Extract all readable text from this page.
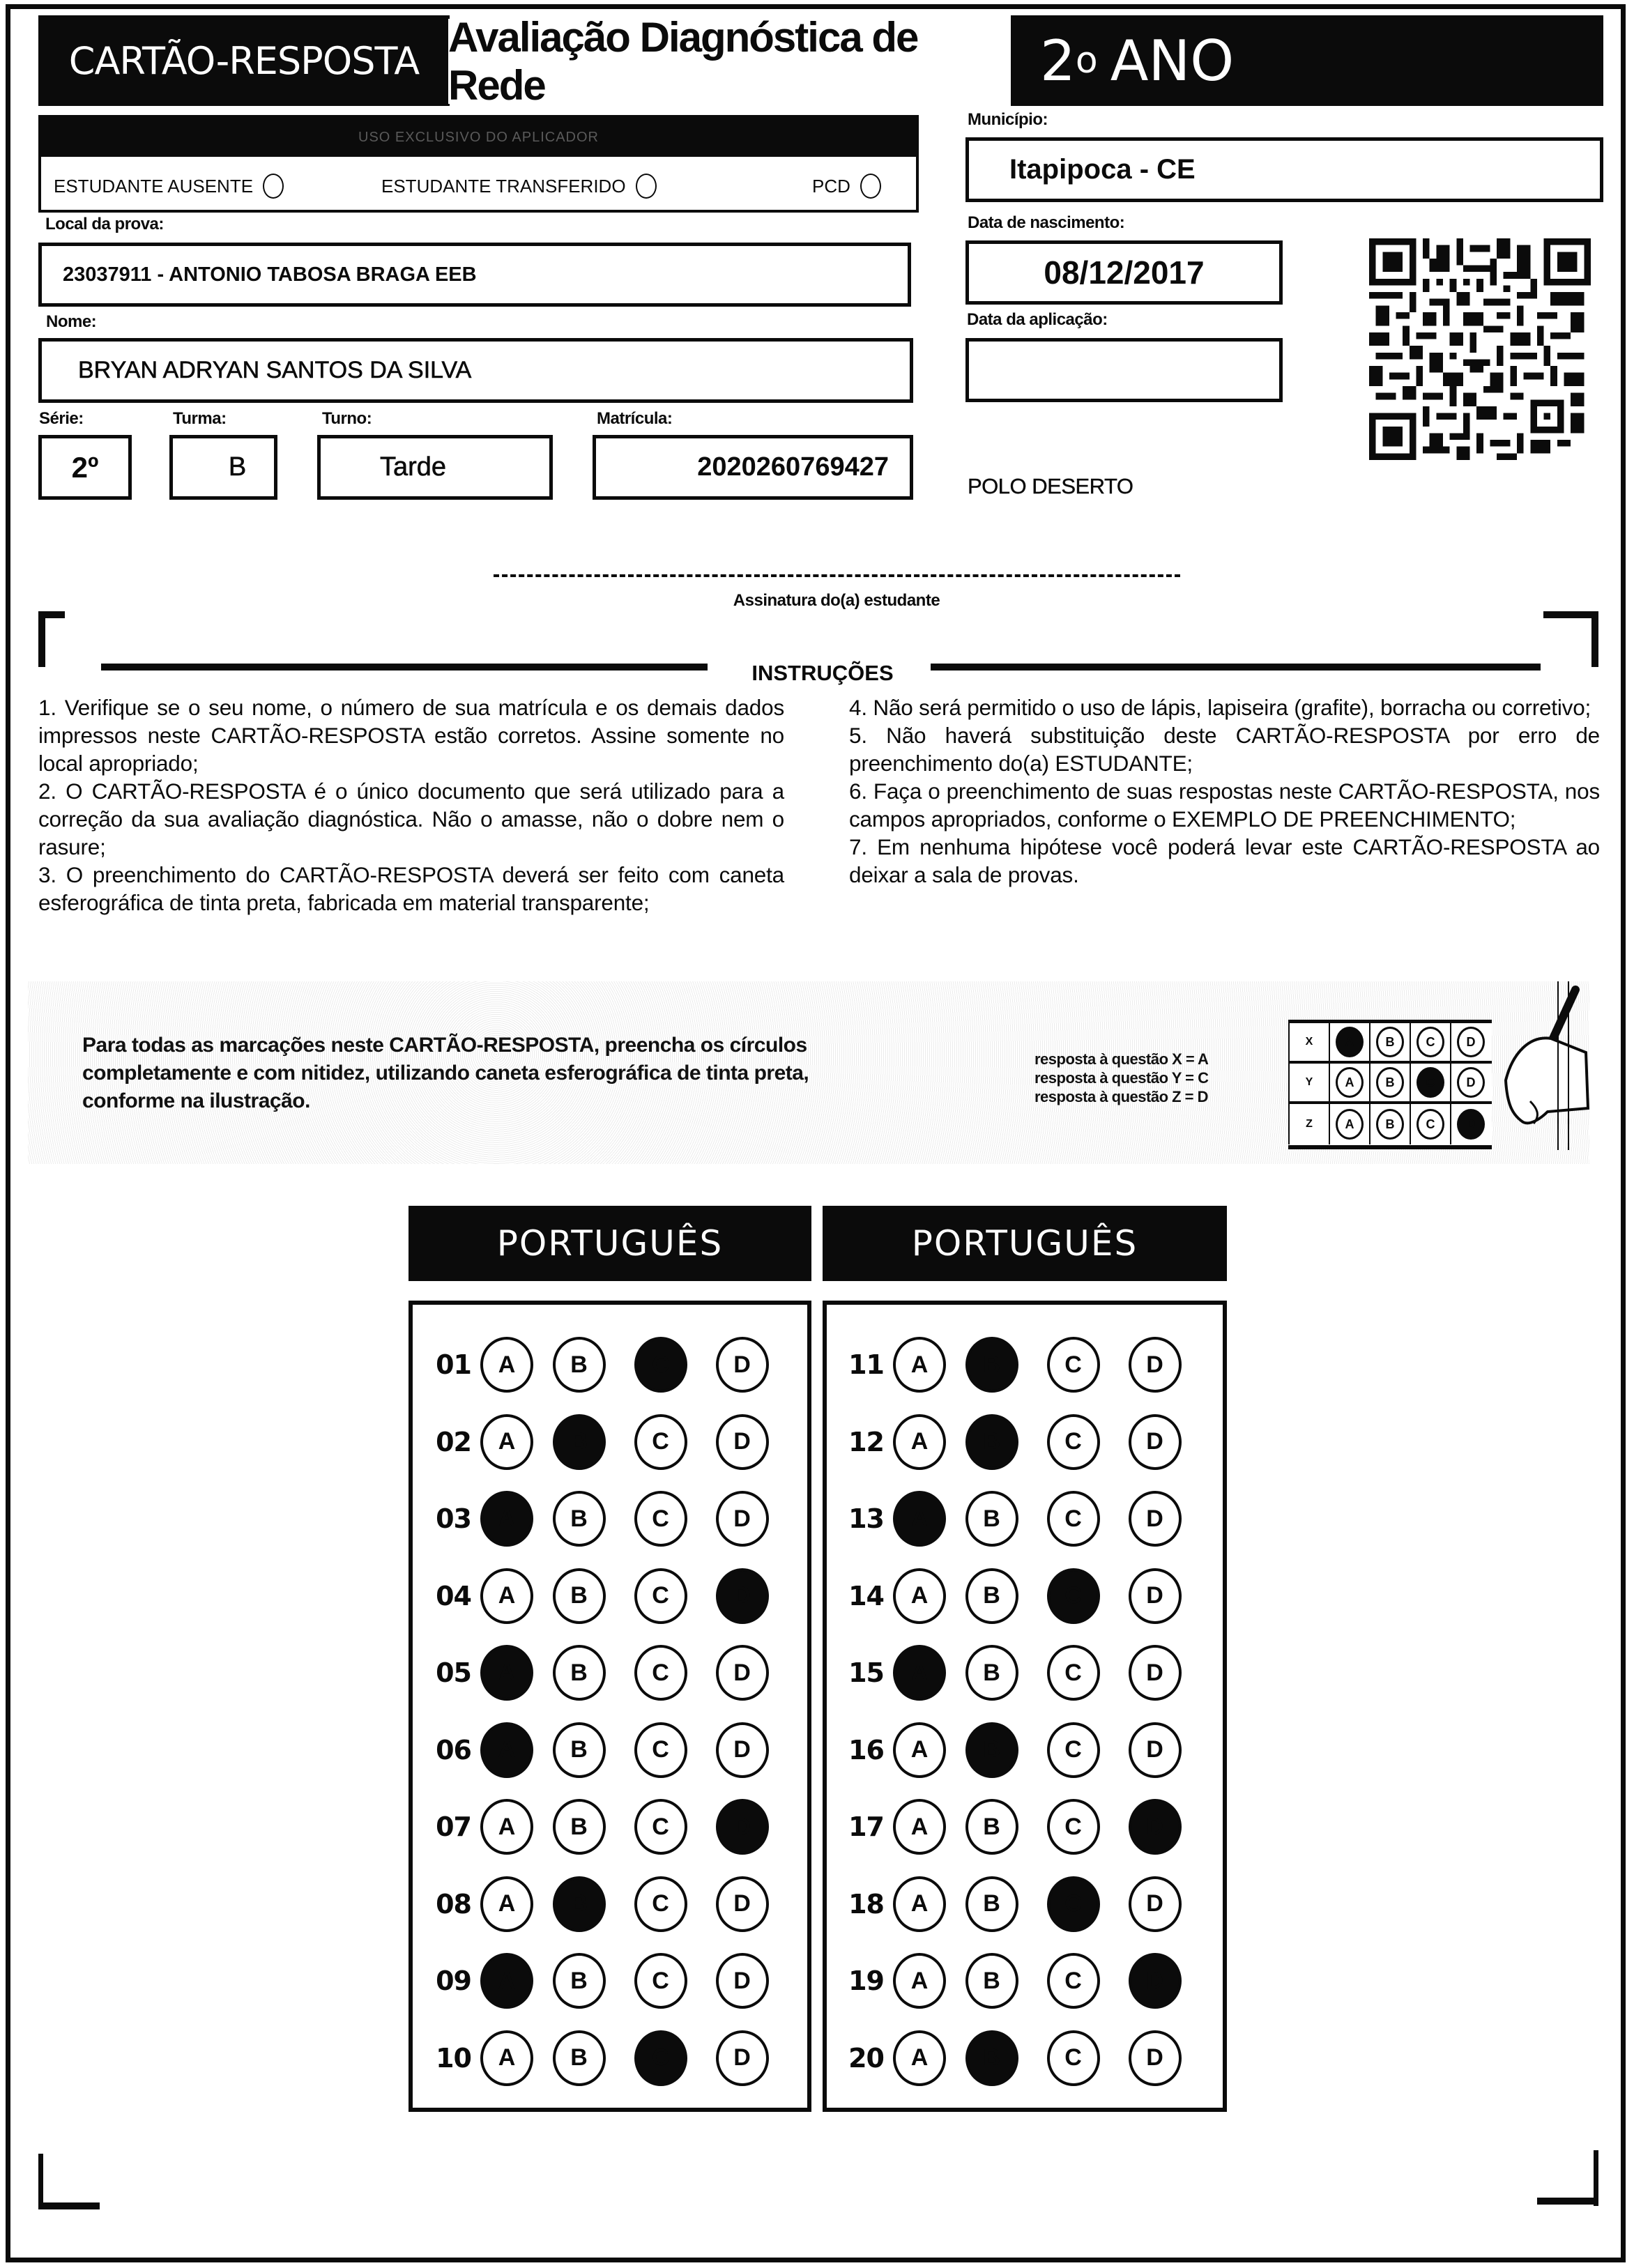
CARTÃO-RESPOSTA Avaliação Diagnóstica de Rede	2 o ANO
USO EXCLUSIVO DO APLICADOR
ESTUDANTE AUSENTE	ESTUDANTE TRANSFERIDO	PCD
Município:
Itapipoca - CE
Local da prova:
23037911 - ANTONIO TABOSA BRAGA EEB
Data de nascimento:
08/12/2017
Nome:
BRYAN ADRYAN SANTOS DA SILVA
Data da aplicação:
Série:
2º
Turma:
B
Turno:
Tarde
Matrícula:
2020260769427
POLO DESERTO
Assinatura do(a) estudante
INSTRUÇÕES

1. Verifique se o seu nome, o número de sua matrícula e os demais dados impressos neste CARTÃO-RESPOSTA estão corretos. Assine somente no local apropriado;

2. O CARTÃO-RESPOSTA é o único documento que será utilizado para a correção da sua avaliação diagnóstica. Não o amasse, não o dobre nem o rasure;

3. O preenchimento do CARTÃO-RESPOSTA deverá ser feito com caneta esferográfica de tinta preta, fabricada em material transparente;

4. Não será permitido o uso de lápis, lapiseira (grafite), borracha ou corretivo;

5. Não haverá substituição deste CARTÃO-RESPOSTA por erro de preenchimento do(a) ESTUDANTE;

6. Faça o preenchimento de suas respostas neste CARTÃO-RESPOSTA, nos campos apropriados, conforme o EXEMPLO DE PREENCHIMENTO;

7. Em nenhuma hipótese você poderá levar este CARTÃO-RESPOSTA ao deixar a sala de provas.

Para todas as marcações neste CARTÃO-RESPOSTA, preencha os círculos completamente e com nitidez, utilizando caneta esferográfica de tinta preta, conforme na ilustração.
resposta à questão X = A
resposta à questão Y = C
resposta à questão Z = D
X	A	B	C	D
Y	A	B	C	D
Z	A	B	C	D
PORTUGUÊS	PORTUGUÊS
01	A	B	C	D
02	A	B	C	D
03	A	B	C	D
04	A	B	C	D
05	A	B	C	D
06	A	B	C	D
07	A	B	C	D
08	A	B	C	D
09	A	B	C	D
10	A	B	C	D
11	A	B	C	D
12	A	B	C	D
13	A	B	C	D
14	A	B	C	D
15	A	B	C	D
16	A	B	C	D
17	A	B	C	D
18	A	B	C	D
19	A	B	C	D
20	A	B	C	D
